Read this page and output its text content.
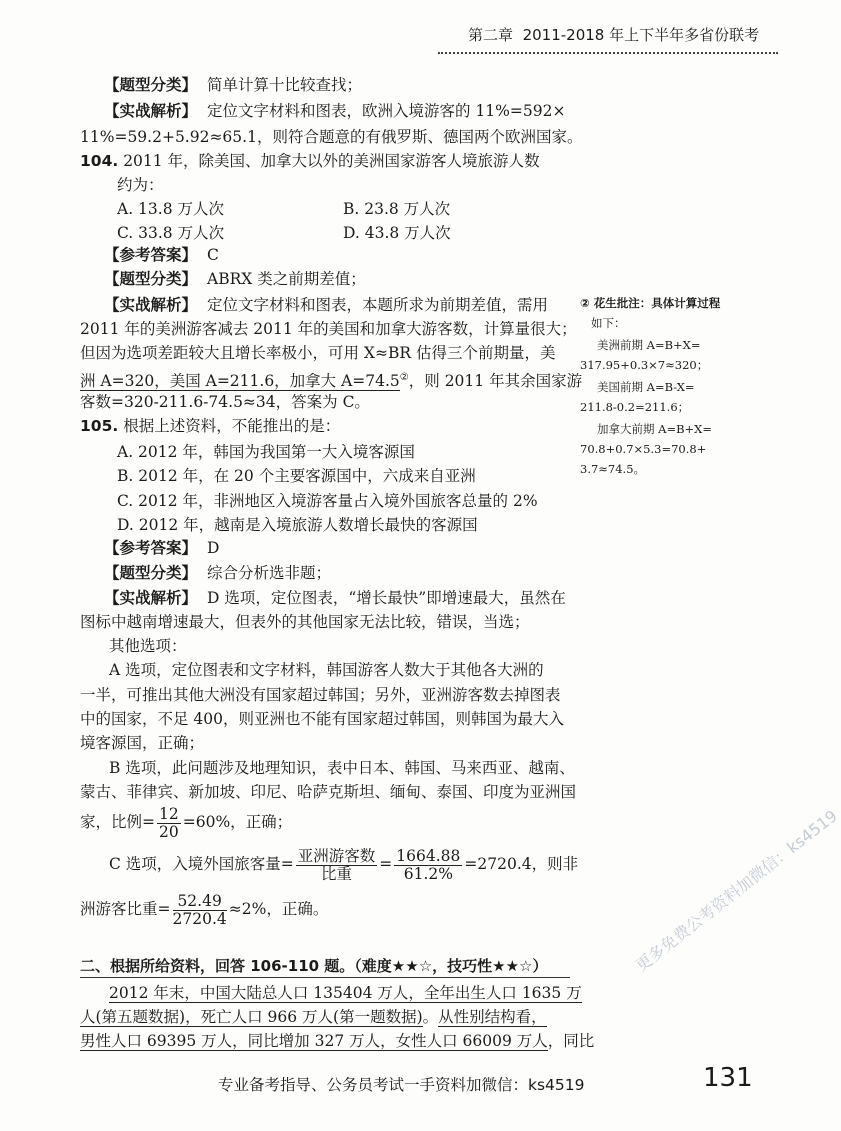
第二章 2011-2018 年上下半年多省份联考
【题型分类】 简单计算十比较查找；
【实战解析】 定位文字材料和图表，欧洲入境游客的 11%=592×
11%=59.2+5.92≈65.1，则符合题意的有俄罗斯、德国两个欧洲国家。
104. 2011 年，除美国、加拿大以外的美洲国家游客人境旅游人数
约为：
A. 13.8 万人次	B. 23.8 万人次
C. 33.8 万人次	D. 43.8 万人次
【参考答案】 C
【题型分类】 ABRX 类之前期差值；
【实战解析】 定位文字材料和图表，本题所求为前期差值，需用
2011 年的美洲游客减去 2011 年的美国和加拿大游客数，计算量很大；
但因为选项差距较大且增长率极小，可用 X≈BR 估得三个前期量，美
洲 A=320，美国 A=211.6，加拿大 A=74.5②，则 2011 年其余国家游
客数=320-211.6-74.5≈34，答案为 C。
② 花生批注：具体计算过程
如下：
美洲前期 A=B+X=
317.95+0.3×7≈320；
美国前期 A=B-X=
211.8-0.2=211.6；
加拿大前期 A=B+X=
70.8+0.7×5.3=70.8+
3.7≈74.5。
105. 根据上述资料，不能推出的是：
A. 2012 年，韩国为我国第一大入境客源国
B. 2012 年，在 20 个主要客源国中，六成来自亚洲
C. 2012 年，非洲地区入境游客量占入境外国旅客总量的 2%
D. 2012 年，越南是入境旅游人数增长最快的客源国
【参考答案】 D
【题型分类】 综合分析选非题；
【实战解析】 D 选项，定位图表，“增长最快”即增速最大，虽然在
图标中越南增速最大，但表外的其他国家无法比较，错误，当选；
其他选项：
A 选项，定位图表和文字材料，韩国游客人数大于其他各大洲的
一半，可推出其他大洲没有国家超过韩国；另外，亚洲游客数去掉图表
中的国家，不足 400，则亚洲也不能有国家超过韩国，则韩国为最大入
境客源国，正确；
B 选项，此问题涉及地理知识，表中日本、韩国、马来西亚、越南、
蒙古、菲律宾、新加坡、印尼、哈萨克斯坦、缅甸、泰国、印度为亚洲国
家，比例= $\frac{12}{20} =60\%$，正确；
C 选项，入境外国旅客量= $\frac{\text{亚洲游客数}}{\text{比重}} = \frac{1664.88}{61.2\%} =2720.4$，则非
洲游客比重= $\frac{52.49}{2720.4} \approx 2\%$，正确。
二、根据所给资料，回答 106-110 题。（难度★★☆，技巧性★★☆）
2012 年末，中国大陆总人口 135404 万人，全年出生人口 1635 万
人(第五题数据)，死亡人口 966 万人(第一题数据)。从性别结构看，
男性人口 69395 万人，同比增加 327 万人，女性人口 66009 万人，同比
专业备考指导、公务员考试一手资料加微信：ks4519	131
更多免费公考资料加微信：ks4519
